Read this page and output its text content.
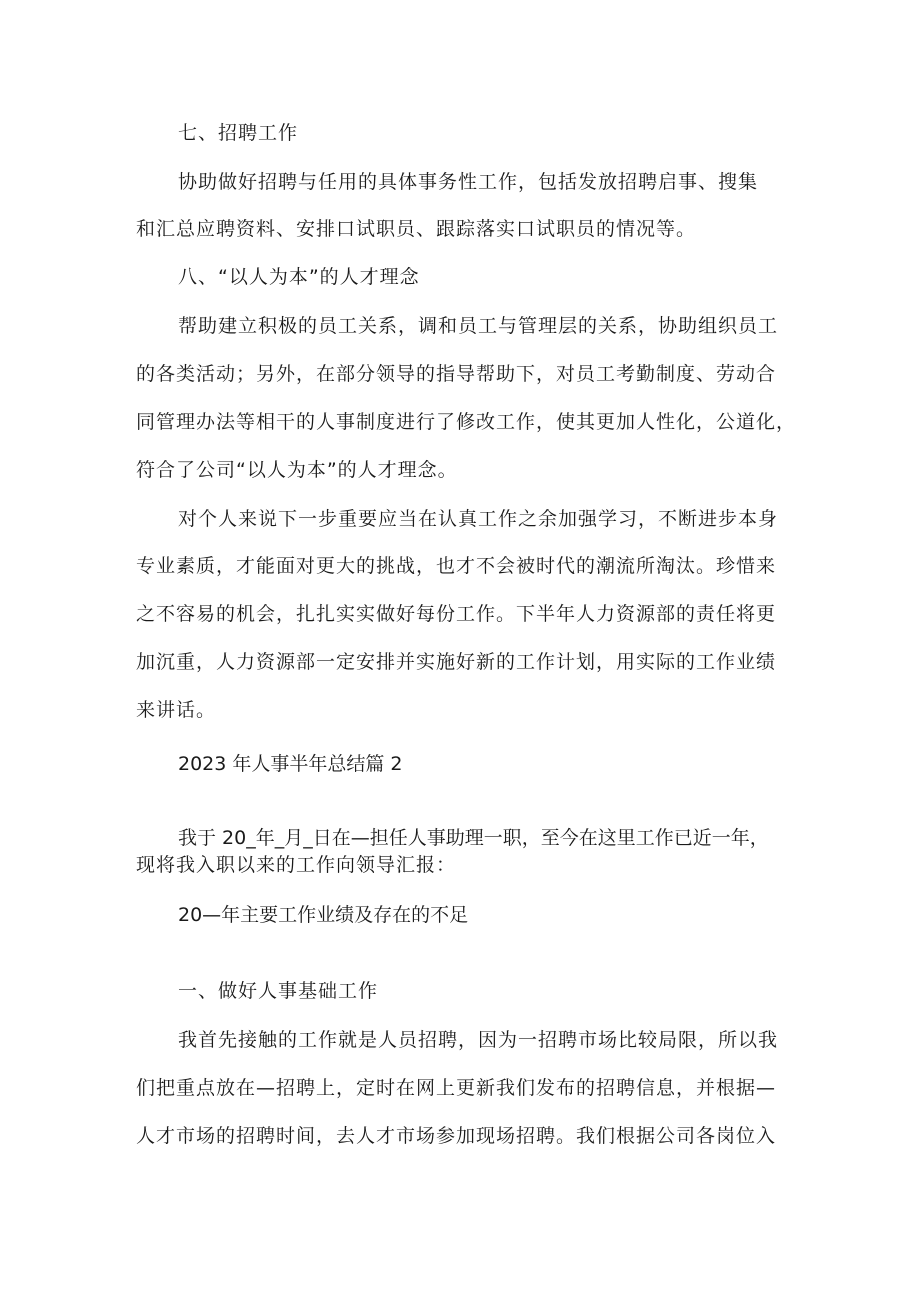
七、招聘工作
协助做好招聘与任用的具体事务性工作，包括发放招聘启事、搜集
和汇总应聘资料、安排口试职员、跟踪落实口试职员的情况等。
八、“以人为本”的人才理念
帮助建立积极的员工关系，调和员工与管理层的关系，协助组织员工
的各类活动；另外，在部分领导的指导帮助下，对员工考勤制度、劳动合
同管理办法等相干的人事制度进行了修改工作，使其更加人性化，公道化，
符合了公司“以人为本”的人才理念。
对个人来说下一步重要应当在认真工作之余加强学习，不断进步本身
专业素质，才能面对更大的挑战，也才不会被时代的潮流所淘汰。珍惜来
之不容易的机会，扎扎实实做好每份工作。下半年人力资源部的责任将更
加沉重，人力资源部一定安排并实施好新的工作计划，用实际的工作业绩
来讲话。
2023 年人事半年总结篇 2
我于 20_年_月_日在—担任人事助理一职，至今在这里工作已近一年，
现将我入职以来的工作向领导汇报：
20—年主要工作业绩及存在的不足
一、做好人事基础工作
我首先接触的工作就是人员招聘，因为一招聘市场比较局限，所以我
们把重点放在—招聘上，定时在网上更新我们发布的招聘信息，并根据—
人才市场的招聘时间，去人才市场参加现场招聘。我们根据公司各岗位入
